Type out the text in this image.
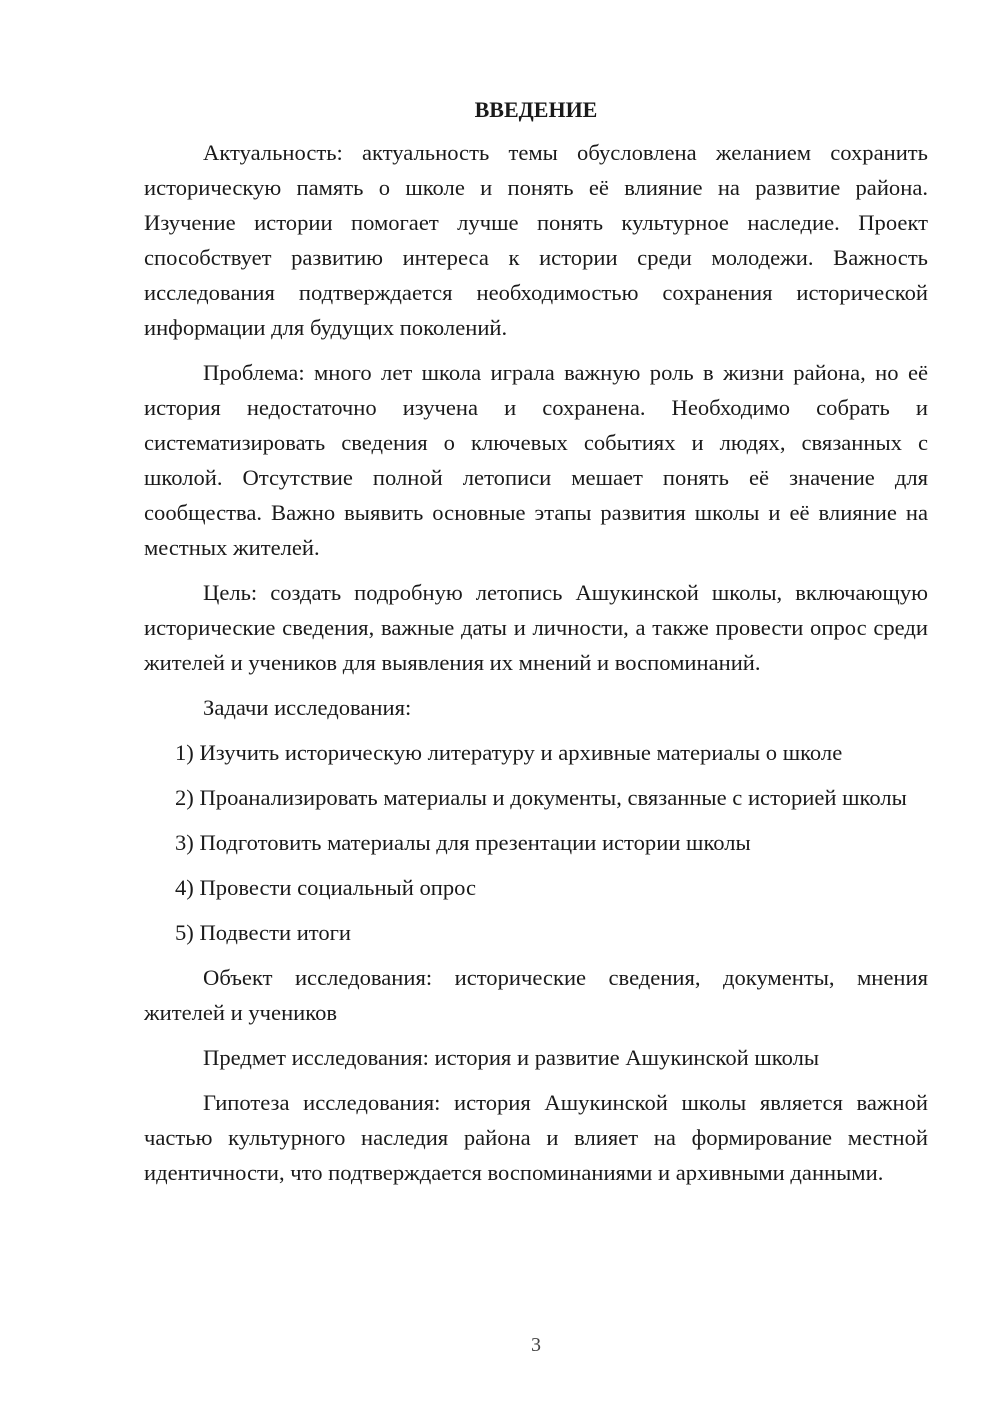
ВВЕДЕНИЕ

Актуальность: актуальность темы обусловлена желанием сохранить историческую память о школе и понять её влияние на развитие района. Изучение истории помогает лучше понять культурное наследие. Проект способствует развитию интереса к истории среди молодежи. Важность исследования подтверждается необходимостью сохранения исторической информации для будущих поколений.

Проблема: много лет школа играла важную роль в жизни района, но её история недостаточно изучена и сохранена. Необходимо собрать и систематизировать сведения о ключевых событиях и людях, связанных с школой. Отсутствие полной летописи мешает понять её значение для сообщества. Важно выявить основные этапы развития школы и её влияние на местных жителей.

Цель: создать подробную летопись Ашукинской школы, включающую исторические сведения, важные даты и личности, а также провести опрос среди жителей и учеников для выявления их мнений и воспоминаний.

Задачи исследования:

1) Изучить историческую литературу и архивные материалы о школе

2) Проанализировать материалы и документы, связанные с историей школы

3) Подготовить материалы для презентации истории школы

4) Провести социальный опрос

5) Подвести итоги

Объект исследования: исторические сведения, документы, мнения жителей и учеников

Предмет исследования: история и развитие Ашукинской школы

Гипотеза исследования: история Ашукинской школы является важной частью культурного наследия района и влияет на формирование местной идентичности, что подтверждается воспоминаниями и архивными данными.

3
